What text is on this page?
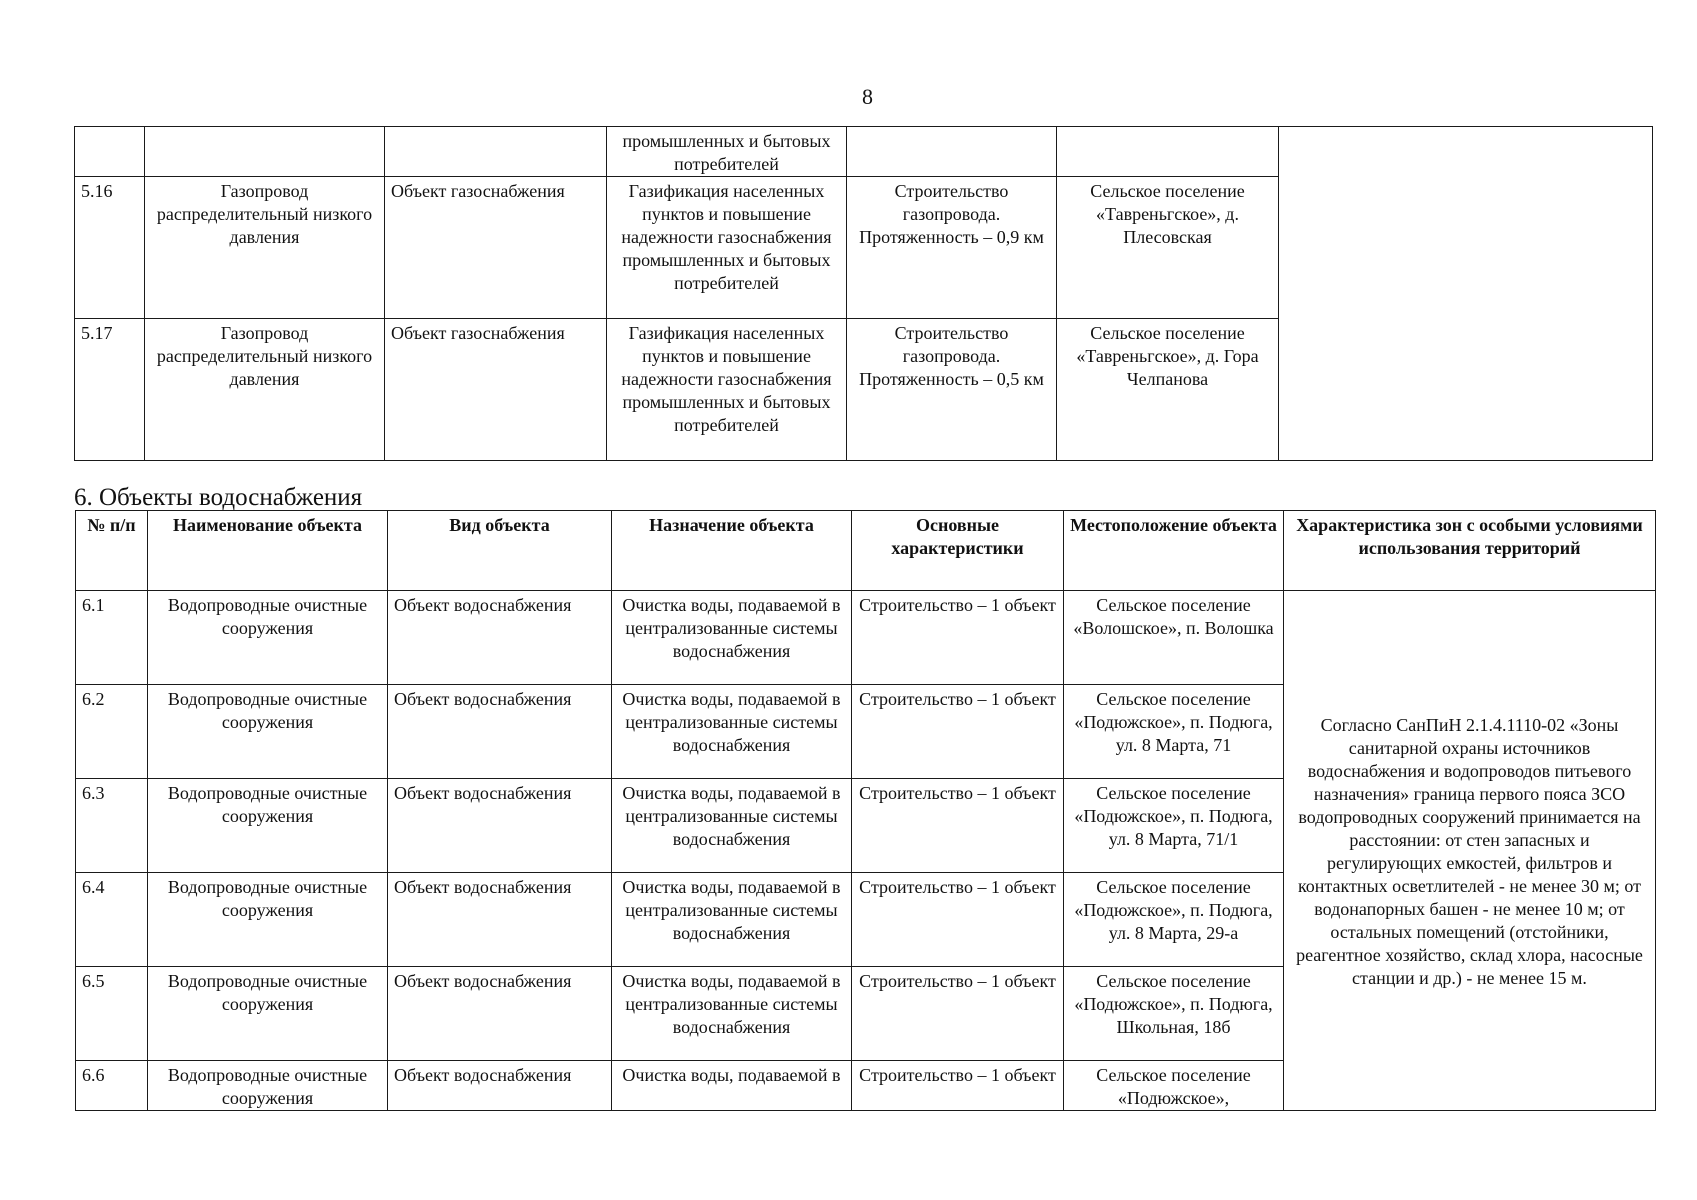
8
			промышленных и бытовых потребителей			
5.16	Газопровод распределительный низкого давления	Объект газоснабжения	Газификация населенных пунктов и повышение надежности газоснабжения промышленных и бытовых потребителей	Строительство газопровода. Протяженность – 0,9 км	Сельское поселение «Тавреньгское», д. Плесовская	
5.17	Газопровод распределительный низкого давления	Объект газоснабжения	Газификация населенных пунктов и повышение надежности газоснабжения промышленных и бытовых потребителей	Строительство газопровода. Протяженность – 0,5 км	Сельское поселение «Тавреньгское», д. Гора Челпанова	
6. Объекты водоснабжения
№ п/п	Наименование объекта	Вид объекта	Назначение объекта	Основные характеристики	Местоположение объекта	Характеристика зон с особыми условиями использования территорий
6.1	Водопроводные очистные сооружения	Объект водоснабжения	Очистка воды, подаваемой в централизованные системы водоснабжения	Строительство – 1 объект	Сельское поселение «Волошское», п. Волошка	Согласно СанПиН 2.1.4.1110-02 «Зоны санитарной охраны источников водоснабжения и водопроводов питьевого назначения» граница первого пояса ЗСО водопроводных сооружений принимается на расстоянии: от стен запасных и регулирующих емкостей, фильтров и контактных осветлителей - не менее 30 м; от водонапорных башен - не менее 10 м; от остальных помещений (отстойники, реагентное хозяйство, склад хлора, насосные станции и др.) - не менее 15 м.
6.2	Водопроводные очистные сооружения	Объект водоснабжения	Очистка воды, подаваемой в централизованные системы водоснабжения	Строительство – 1 объект	Сельское поселение «Подюжское», п. Подюга, ул. 8 Марта, 71	
6.3	Водопроводные очистные сооружения	Объект водоснабжения	Очистка воды, подаваемой в централизованные системы водоснабжения	Строительство – 1 объект	Сельское поселение «Подюжское», п. Подюга, ул. 8 Марта, 71/1	
6.4	Водопроводные очистные сооружения	Объект водоснабжения	Очистка воды, подаваемой в централизованные системы водоснабжения	Строительство – 1 объект	Сельское поселение «Подюжское», п. Подюга, ул. 8 Марта, 29-а	
6.5	Водопроводные очистные сооружения	Объект водоснабжения	Очистка воды, подаваемой в централизованные системы водоснабжения	Строительство – 1 объект	Сельское поселение «Подюжское», п. Подюга, Школьная, 18б	
6.6	Водопроводные очистные сооружения	Объект водоснабжения	Очистка воды, подаваемой в	Строительство – 1 объект	Сельское поселение «Подюжское»,	
